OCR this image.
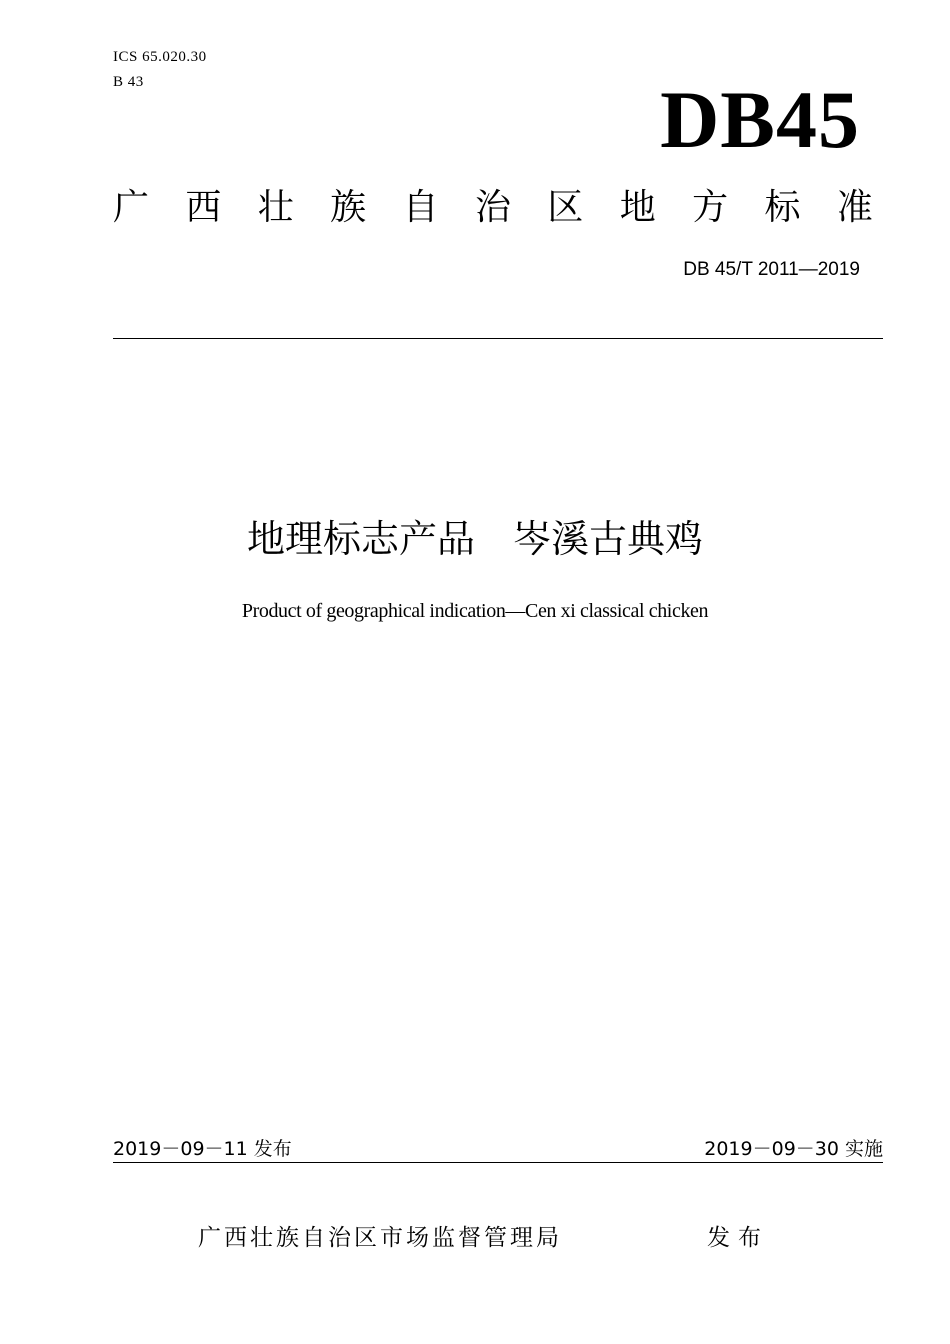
ICS 65.020.30
B 43	DB45
广 西 壮 族 自 治 区 地 方 标 准
DB 45/T 2011—2019
地理标志产品　岑溪古典鸡
Product of geographical indication—Cen xi classical chicken
2019－09－11 发布	2019－09－30 实施
广西壮族自治区市场监督管理局	发布
